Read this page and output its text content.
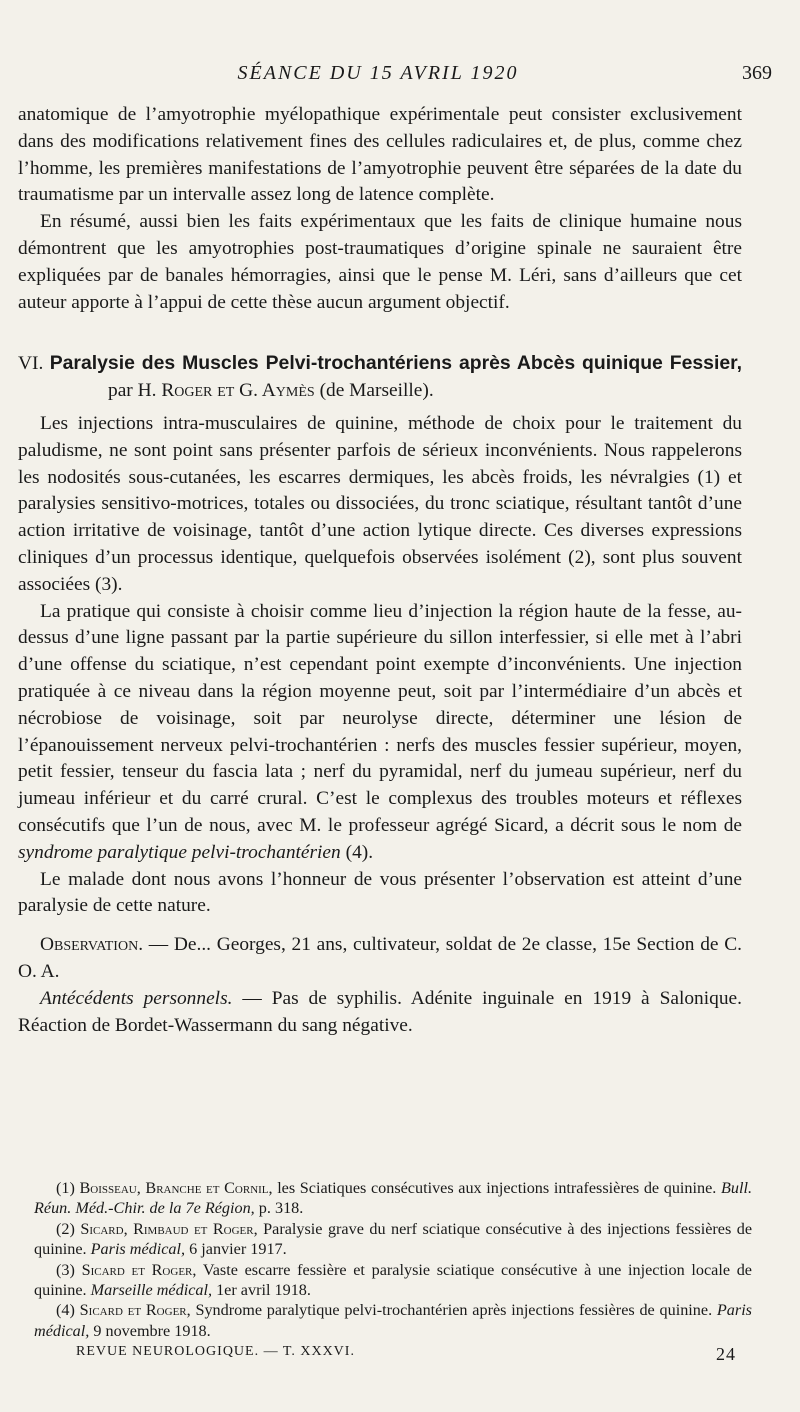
SÉANCE DU 15 AVRIL 1920	369

anatomique de l’amyotrophie myélopathique expérimentale peut consister exclusivement dans des modifications relativement fines des cellules radiculaires et, de plus, comme chez l’homme, les premières manifestations de l’amyotrophie peuvent être séparées de la date du traumatisme par un intervalle assez long de latence complète.

En résumé, aussi bien les faits expérimentaux que les faits de clinique humaine nous démontrent que les amyotrophies post-traumatiques d’origine spinale ne sauraient être expliquées par de banales hémorragies, ainsi que le pense M. Léri, sans d’ailleurs que cet auteur apporte à l’appui de cette thèse aucun argument objectif.

VI. Paralysie des Muscles Pelvi-trochantériens après Abcès quinique Fessier, par H. Roger et G. Aymès (de Marseille).

Les injections intra-musculaires de quinine, méthode de choix pour le traitement du paludisme, ne sont point sans présenter parfois de sérieux inconvénients. Nous rappelerons les nodosités sous-cutanées, les escarres dermiques, les abcès froids, les névralgies (1) et paralysies sensitivo-motrices, totales ou dissociées, du tronc sciatique, résultant tantôt d’une action irritative de voisinage, tantôt d’une action lytique directe. Ces diverses expressions cliniques d’un processus identique, quelquefois observées isolément (2), sont plus souvent associées (3).

La pratique qui consiste à choisir comme lieu d’injection la région haute de la fesse, au-dessus d’une ligne passant par la partie supérieure du sillon interfessier, si elle met à l’abri d’une offense du sciatique, n’est cependant point exempte d’inconvénients. Une injection pratiquée à ce niveau dans la région moyenne peut, soit par l’intermédiaire d’un abcès et nécrobiose de voisinage, soit par neurolyse directe, déterminer une lésion de l’épanouissement nerveux pelvi-trochantérien : nerfs des muscles fessier supérieur, moyen, petit fessier, tenseur du fascia lata ; nerf du pyramidal, nerf du jumeau supérieur, nerf du jumeau inférieur et du carré crural. C’est le complexus des troubles moteurs et réflexes consécutifs que l’un de nous, avec M. le professeur agrégé Sicard, a décrit sous le nom de syndrome paralytique pelvi-trochantérien (4).

Le malade dont nous avons l’honneur de vous présenter l’observation est atteint d’une paralysie de cette nature.

Observation. — De... Georges, 21 ans, cultivateur, soldat de 2e classe, 15e Section de C. O. A.

Antécédents personnels. — Pas de syphilis. Adénite inguinale en 1919 à Salonique. Réaction de Bordet-Wassermann du sang négative.

(1) Boisseau, Branche et Cornil, les Sciatiques consécutives aux injections intrafessières de quinine. Bull. Réun. Méd.-Chir. de la 7e Région, p. 318.

(2) Sicard, Rimbaud et Roger, Paralysie grave du nerf sciatique consécutive à des injections fessières de quinine. Paris médical, 6 janvier 1917.

(3) Sicard et Roger, Vaste escarre fessière et paralysie sciatique consécutive à une injection locale de quinine. Marseille médical, 1er avril 1918.

(4) Sicard et Roger, Syndrome paralytique pelvi-trochantérien après injections fessières de quinine. Paris médical, 9 novembre 1918.

REVUE NEUROLOGIQUE. — T. XXXVI.	24
